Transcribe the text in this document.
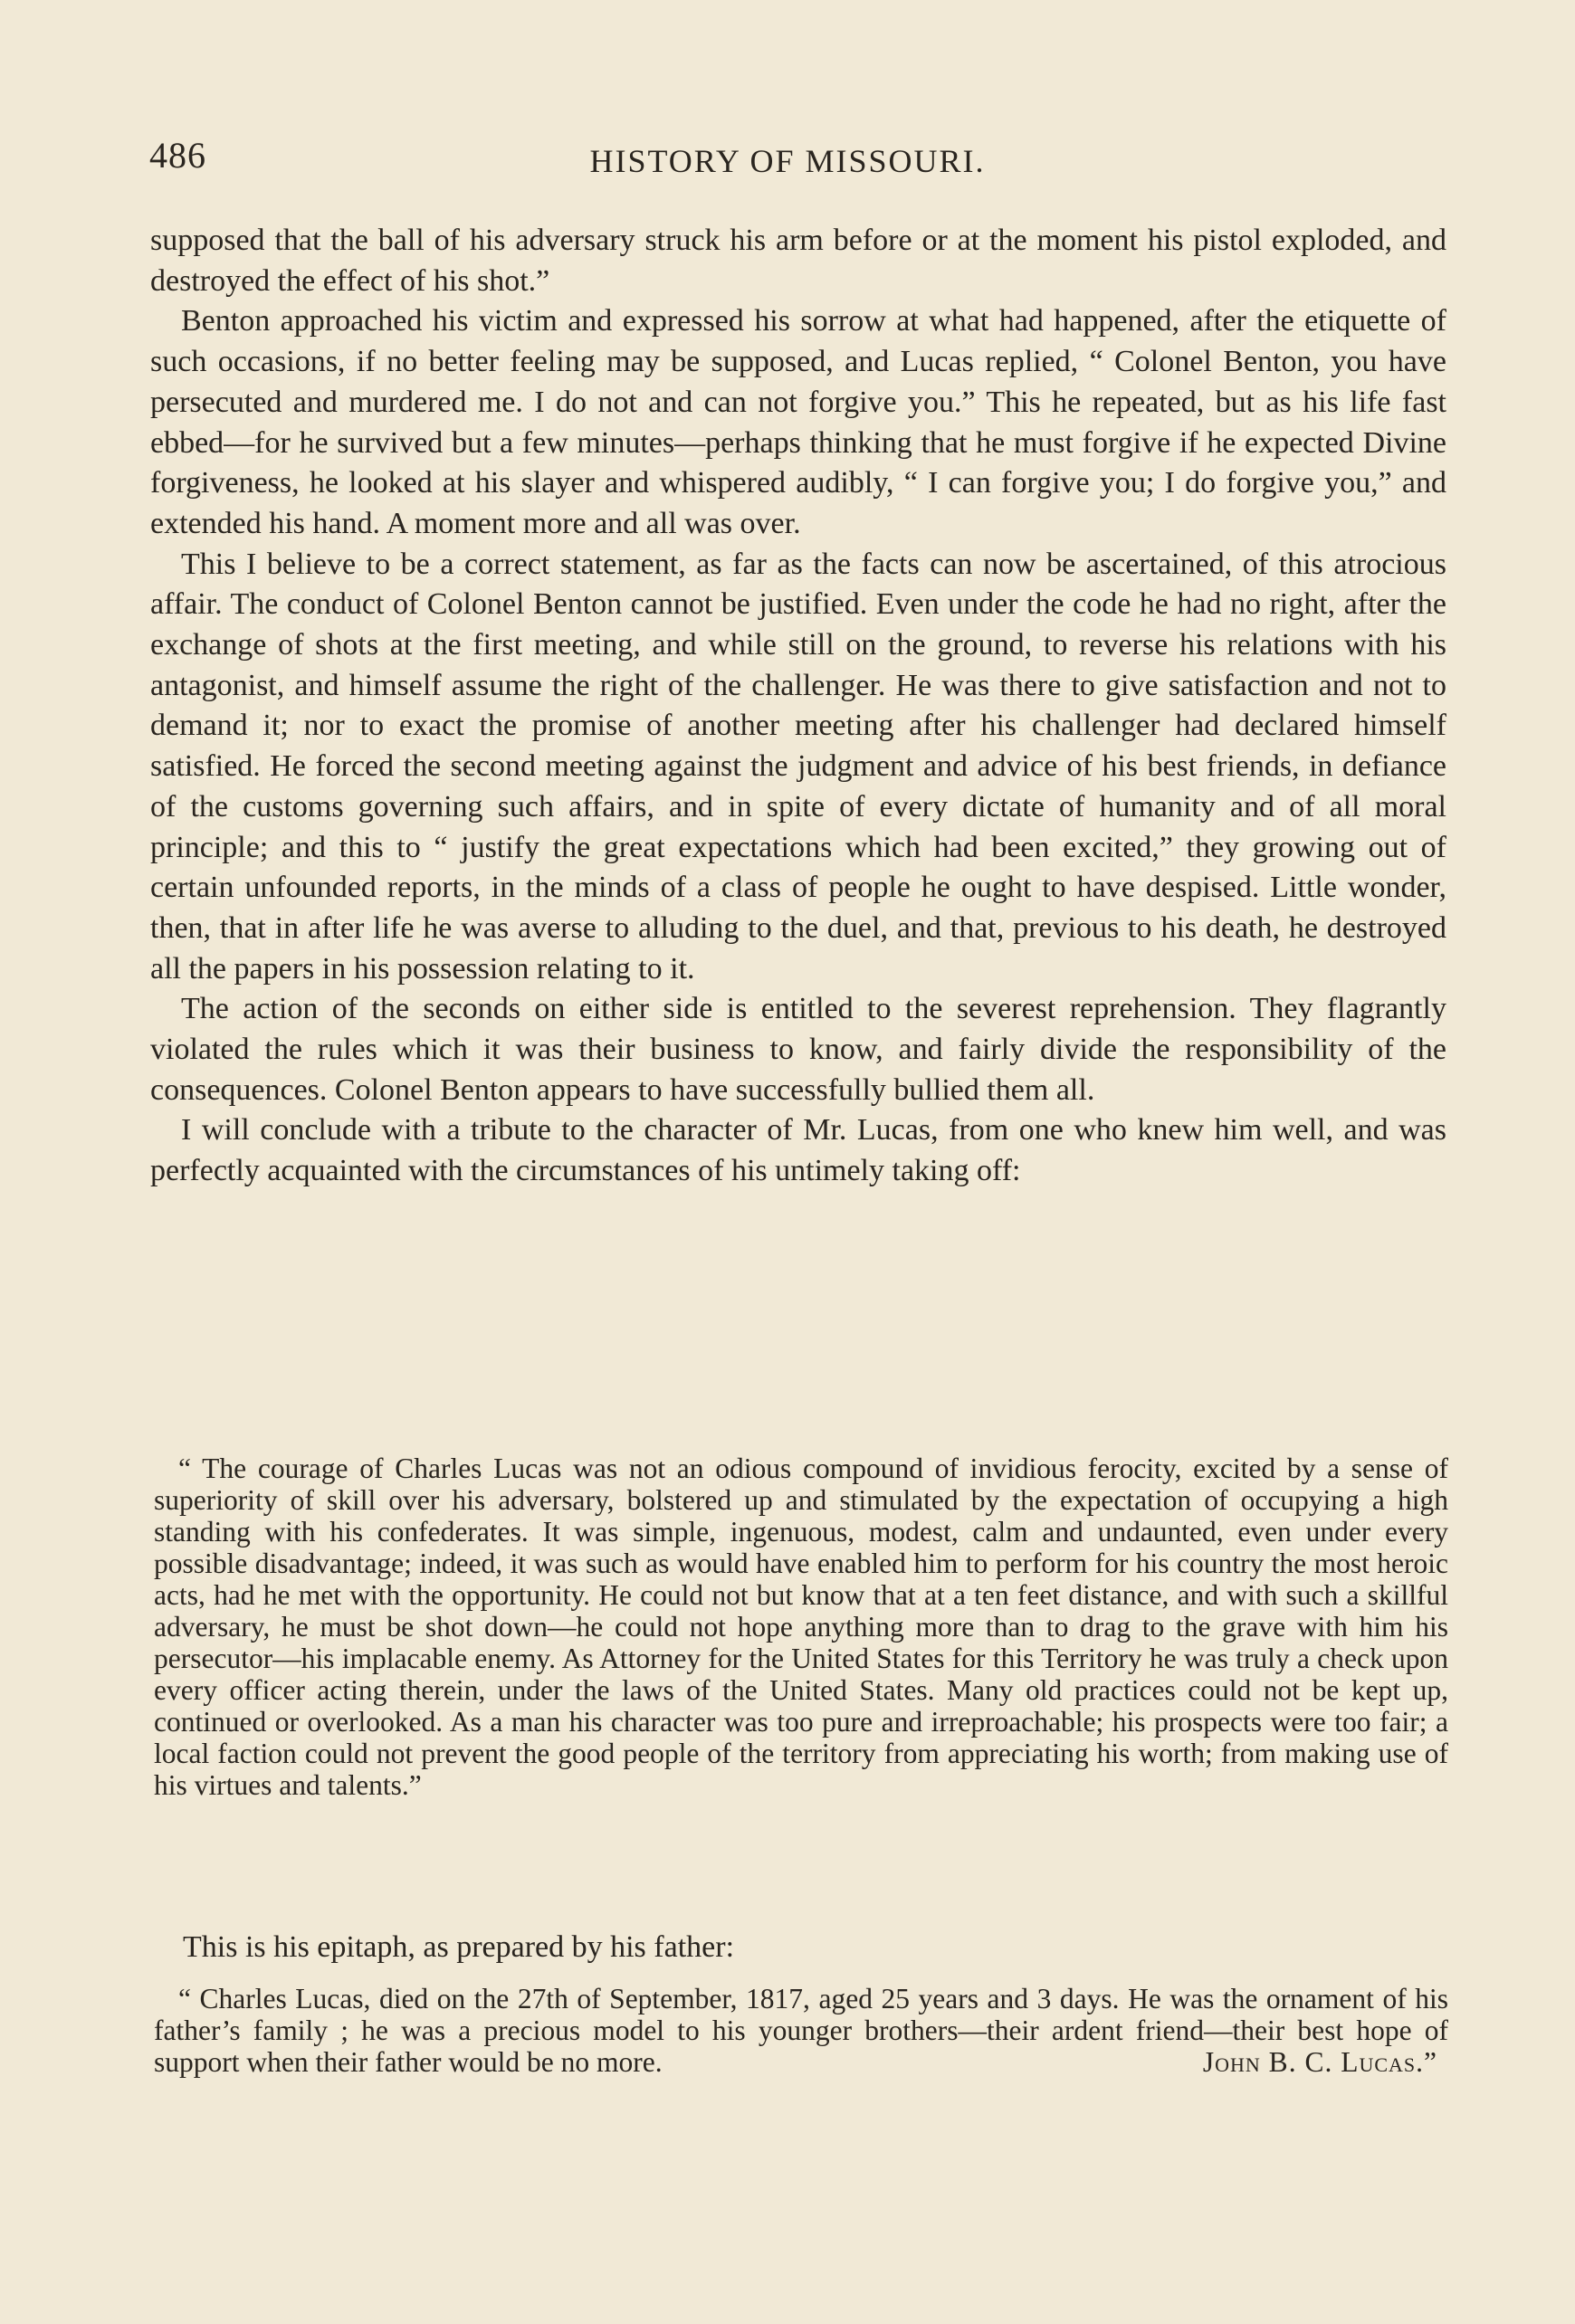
486	HISTORY OF MISSOURI.

supposed that the ball of his adversary struck his arm before or at the moment his pistol exploded, and destroyed the effect of his shot.”

Benton approached his victim and expressed his sorrow at what had happened, after the etiquette of such occasions, if no better feeling may be supposed, and Lucas replied, “ Colonel Benton, you have persecuted and murdered me. I do not and can not forgive you.” This he repeated, but as his life fast ebbed—for he survived but a few minutes—perhaps thinking that he must forgive if he expected Divine forgiveness, he looked at his slayer and whispered audibly, “ I can forgive you; I do forgive you,” and extended his hand. A moment more and all was over.

This I believe to be a correct statement, as far as the facts can now be ascertained, of this atrocious affair. The conduct of Colonel Benton cannot be justified. Even under the code he had no right, after the exchange of shots at the first meeting, and while still on the ground, to reverse his relations with his antagonist, and himself assume the right of the challenger. He was there to give satisfaction and not to demand it; nor to exact the promise of another meeting after his challenger had declared himself satisfied. He forced the second meeting against the judgment and advice of his best friends, in defiance of the customs governing such affairs, and in spite of every dictate of humanity and of all moral principle; and this to “ justify the great expectations which had been excited,” they growing out of certain unfounded reports, in the minds of a class of people he ought to have despised. Little wonder, then, that in after life he was averse to alluding to the duel, and that, previous to his death, he destroyed all the papers in his possession relating to it.

The action of the seconds on either side is entitled to the severest reprehension. They flagrantly violated the rules which it was their business to know, and fairly divide the responsibility of the consequences. Colonel Benton appears to have successfully bullied them all.

I will conclude with a tribute to the character of Mr. Lucas, from one who knew him well, and was perfectly acquainted with the circumstances of his untimely taking off:

“ The courage of Charles Lucas was not an odious compound of invidious ferocity, excited by a sense of superiority of skill over his adversary, bolstered up and stimulated by the expectation of occupying a high standing with his confederates. It was simple, ingenuous, modest, calm and undaunted, even under every possible disadvantage; indeed, it was such as would have enabled him to perform for his country the most heroic acts, had he met with the opportunity. He could not but know that at a ten feet distance, and with such a skillful adversary, he must be shot down—he could not hope anything more than to drag to the grave with him his persecutor—his implacable enemy. As Attorney for the United States for this Territory he was truly a check upon every officer acting therein, under the laws of the United States. Many old practices could not be kept up, continued or overlooked. As a man his character was too pure and irreproachable; his prospects were too fair; a local faction could not prevent the good people of the territory from appreciating his worth; from making use of his virtues and talents.”

This is his epitaph, as prepared by his father:

“ Charles Lucas, died on the 27th of September, 1817, aged 25 years and 3 days. He was the ornament of his father’s family ; he was a precious model to his younger brothers—their ardent friend—their best hope of support when their father would be no more.	John B. C. Lucas.”
